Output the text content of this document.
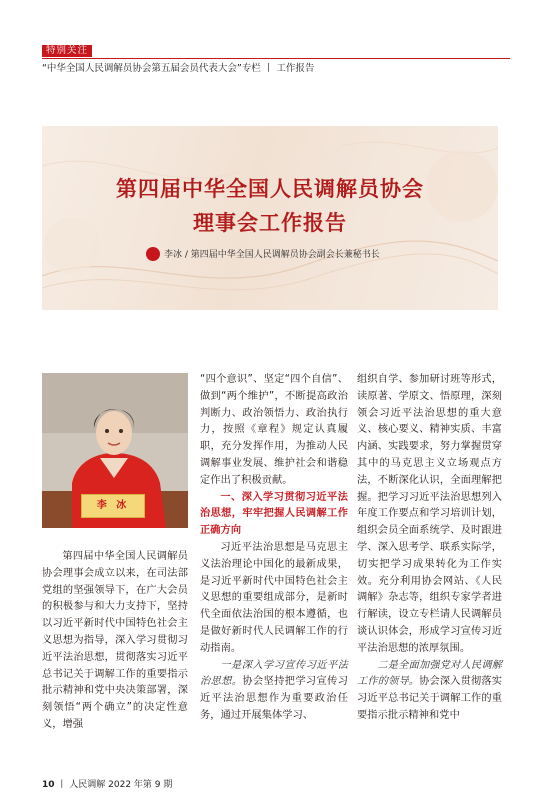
特别关注
“中华全国人民调解员协会第五届会员代表大会”专栏 丨 工作报告
第四届中华全国人民调解员协会
理事会工作报告
李冰 / 第四届中华全国人民调解员协会副会长兼秘书长
李 冰

第四届中华全国人民调解员协会理事会成立以来，在司法部党组的坚强领导下，在广大会员的积极参与和大力支持下，坚持以习近平新时代中国特色社会主义思想为指导，深入学习贯彻习近平法治思想，贯彻落实习近平总书记关于调解工作的重要指示批示精神和党中央决策部署，深刻领悟“两个确立”的决定性意义，增强

“四个意识”、坚定“四个自信”、做到“两个维护”，不断提高政治判断力、政治领悟力、政治执行力，按照《章程》规定认真履职，充分发挥作用，为推动人民调解事业发展、维护社会和谐稳定作出了积极贡献。

一、深入学习贯彻习近平法治思想，牢牢把握人民调解工作正确方向

习近平法治思想是马克思主义法治理论中国化的最新成果，是习近平新时代中国特色社会主义思想的重要组成部分，是新时代全面依法治国的根本遵循，也是做好新时代人民调解工作的行动指南。

一是深入学习宣传习近平法治思想。协会坚持把学习宣传习近平法治思想作为重要政治任务，通过开展集体学习、

组织自学、参加研讨班等形式，读原著、学原文、悟原理，深刻领会习近平法治思想的重大意义、核心要义、精神实质、丰富内涵、实践要求，努力掌握贯穿其中的马克思主义立场观点方法，不断深化认识，全面理解把握。把学习习近平法治思想列入年度工作要点和学习培训计划，组织会员全面系统学、及时跟进学、深入思考学、联系实际学，切实把学习成果转化为工作实效。充分利用协会网站、《人民调解》杂志等，组织专家学者进行解读，设立专栏请人民调解员谈认识体会，形成学习宣传习近平法治思想的浓厚氛围。

二是全面加强党对人民调解工作的领导。协会深入贯彻落实习近平总书记关于调解工作的重要指示批示精神和党中

10 丨 人民调解 2022 年第 9 期
